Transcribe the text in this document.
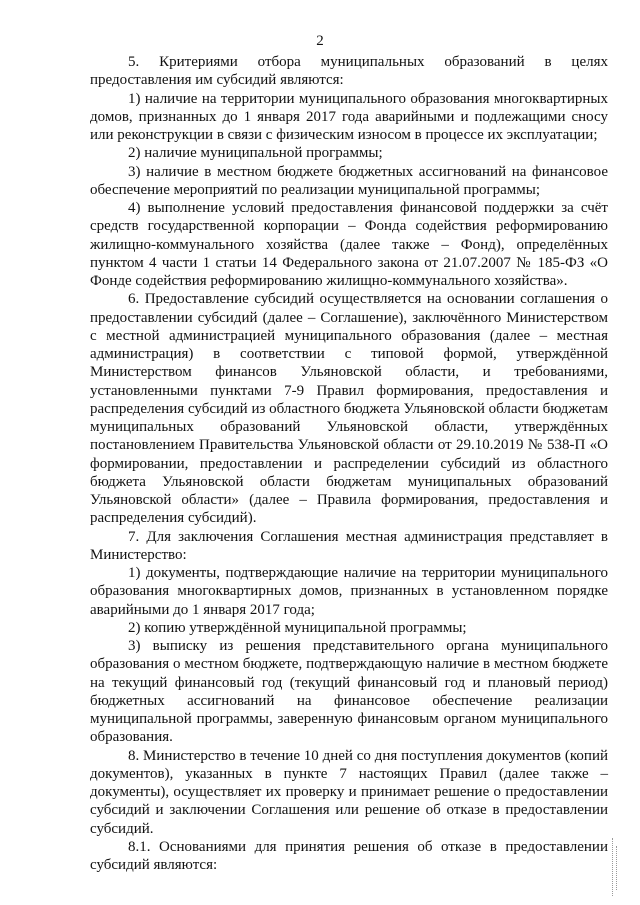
2

5. Критериями отбора муниципальных образований в целях предоставления им субсидий являются:

1) наличие на территории муниципального образования многоквартирных домов, признанных до 1 января 2017 года аварийными и подлежащими сносу или реконструкции в связи с физическим износом в процессе их эксплуатации;

2) наличие муниципальной программы;

3) наличие в местном бюджете бюджетных ассигнований на финансовое обеспечение мероприятий по реализации муниципальной программы;

4) выполнение условий предоставления финансовой поддержки за счёт средств государственной корпорации – Фонда содействия реформированию жилищно-коммунального хозяйства (далее также – Фонд), определённых пунктом 4 части 1 статьи 14 Федерального закона от 21.07.2007 № 185-ФЗ «О Фонде содействия реформированию жилищно-коммунального хозяйства».

6. Предоставление субсидий осуществляется на основании соглашения о предоставлении субсидий (далее – Соглашение), заключённого Министерством с местной администрацией муниципального образования (далее – местная администрация) в соответствии с типовой формой, утверждённой Министерством финансов Ульяновской области, и требованиями, установленными пунктами 7-9 Правил формирования, предоставления и распределения субсидий из областного бюджета Ульяновской области бюджетам муниципальных образований Ульяновской области, утверждённых постановлением Правительства Ульяновской области от 29.10.2019 № 538-П «О формировании, предоставлении и распределении субсидий из областного бюджета Ульяновской области бюджетам муниципальных образований Ульяновской области» (далее – Правила формирования, предоставления и распределения субсидий).

7. Для заключения Соглашения местная администрация представляет в Министерство:

1) документы, подтверждающие наличие на территории муниципального образования многоквартирных домов, признанных в установленном порядке аварийными до 1 января 2017 года;

2) копию утверждённой муниципальной программы;

3) выписку из решения представительного органа муниципального образования о местном бюджете, подтверждающую наличие в местном бюджете на текущий финансовый год (текущий финансовый год и плановый период) бюджетных ассигнований на финансовое обеспечение реализации муниципальной программы, заверенную финансовым органом муниципального образования.

8. Министерство в течение 10 дней со дня поступления документов (копий документов), указанных в пункте 7 настоящих Правил (далее также – документы), осуществляет их проверку и принимает решение о предоставлении субсидий и заключении Соглашения или решение об отказе в предоставлении субсидий.

8.1. Основаниями для принятия решения об отказе в предоставлении субсидий являются:
